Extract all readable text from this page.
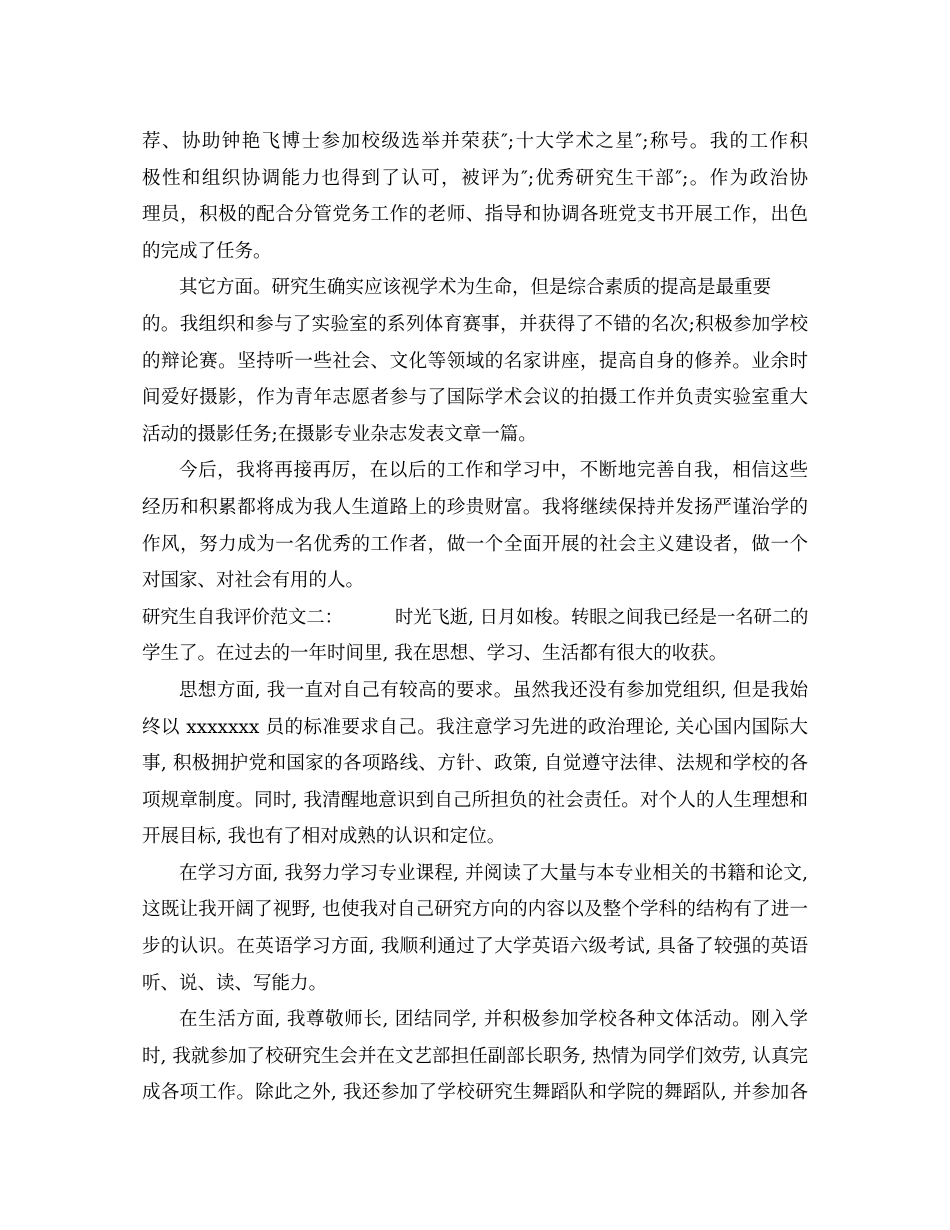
荐、协助钟艳飞博士参加校级选举并荣获″;十大学术之星″;称号。我的工作积
极性和组织协调能力也得到了认可，被评为″;优秀研究生干部″;。作为政治协
理员，积极的配合分管党务工作的老师、指导和协调各班党支书开展工作，出色
的完成了任务。
其它方面。研究生确实应该视学术为生命，但是综合素质的提高是最重要
的。我组织和参与了实验室的系列体育赛事，并获得了不错的名次;积极参加学校
的辩论赛。坚持听一些社会、文化等领域的名家讲座，提高自身的修养。业余时
间爱好摄影，作为青年志愿者参与了国际学术会议的拍摄工作并负责实验室重大
活动的摄影任务;在摄影专业杂志发表文章一篇。
今后，我将再接再厉，在以后的工作和学习中，不断地完善自我，相信这些
经历和积累都将成为我人生道路上的珍贵财富。我将继续保持并发扬严谨治学的
作风，努力成为一名优秀的工作者，做一个全面开展的社会主义建设者，做一个
对国家、对社会有用的人。
研究生自我评价范文二：	时光飞逝, 日月如梭。转眼之间我已经是一名研二的
学生了。在过去的一年时间里, 我在思想、学习、生活都有很大的收获。
思想方面, 我一直对自己有较高的要求。虽然我还没有参加党组织, 但是我始
终以 xxxxxxx 员的标准要求自己。我注意学习先进的政治理论, 关心国内国际大
事, 积极拥护党和国家的各项路线、方针、政策, 自觉遵守法律、法规和学校的各
项规章制度。同时, 我清醒地意识到自己所担负的社会责任。对个人的人生理想和
开展目标, 我也有了相对成熟的认识和定位。
在学习方面, 我努力学习专业课程, 并阅读了大量与本专业相关的书籍和论文,
这既让我开阔了视野, 也使我对自己研究方向的内容以及整个学科的结构有了进一
步的认识。在英语学习方面, 我顺利通过了大学英语六级考试, 具备了较强的英语
听、说、读、写能力。
在生活方面, 我尊敬师长, 团结同学, 并积极参加学校各种文体活动。刚入学
时, 我就参加了校研究生会并在文艺部担任副部长职务, 热情为同学们效劳, 认真完
成各项工作。除此之外, 我还参加了学校研究生舞蹈队和学院的舞蹈队, 并参加各
